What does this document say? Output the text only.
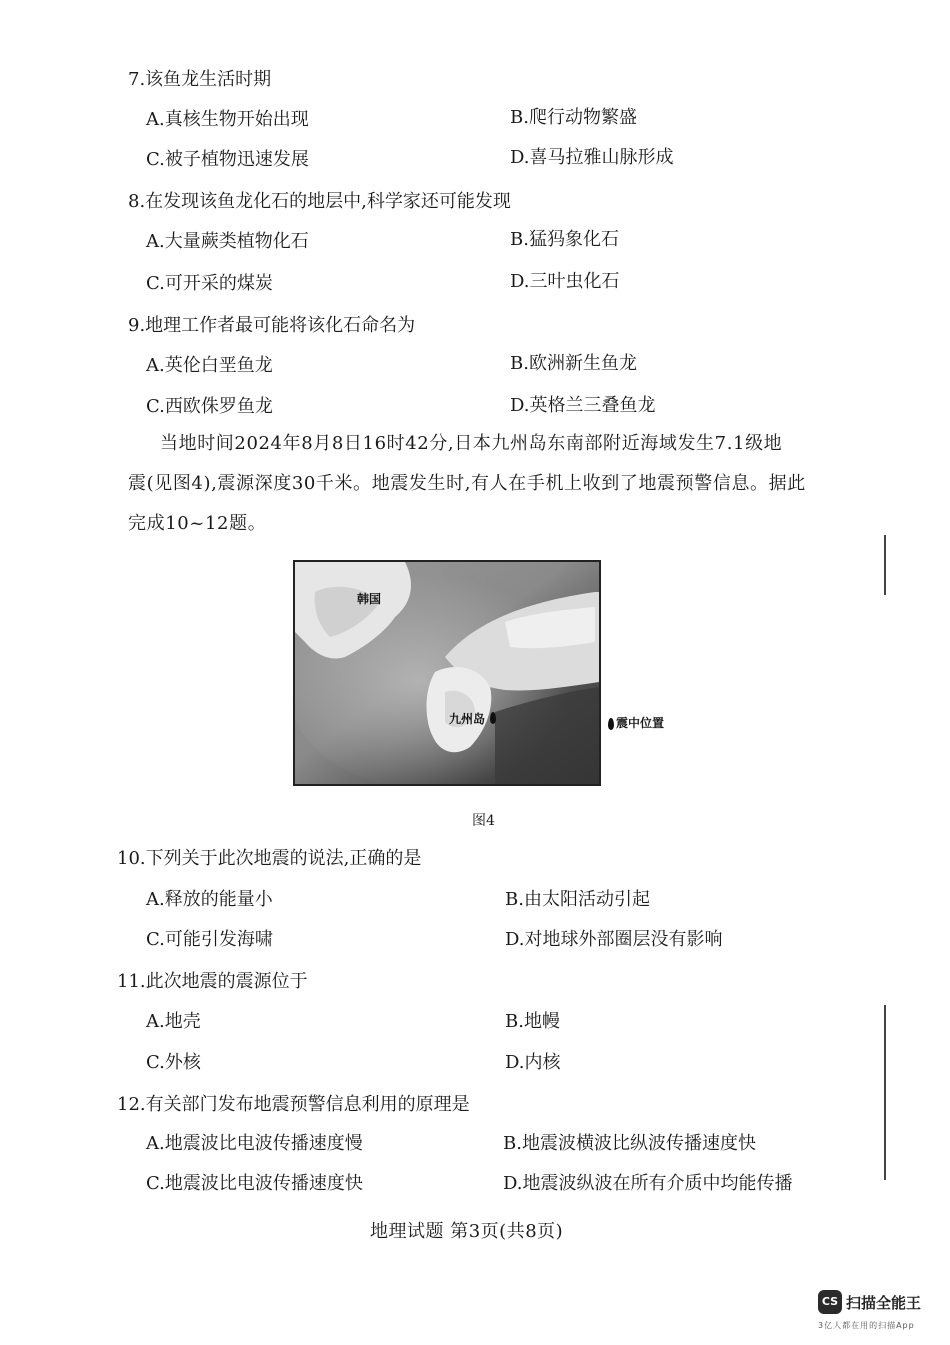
7.该鱼龙生活时期
A.真核生物开始出现	B.爬行动物繁盛
C.被子植物迅速发展	D.喜马拉雅山脉形成
8.在发现该鱼龙化石的地层中,科学家还可能发现
A.大量蕨类植物化石	B.猛犸象化石
C.可开采的煤炭	D.三叶虫化石
9.地理工作者最可能将该化石命名为
A.英伦白垩鱼龙	B.欧洲新生鱼龙
C.西欧侏罗鱼龙	D.英格兰三叠鱼龙
当地时间2024年8月8日16时42分,日本九州岛东南部附近海域发生7.1级地
震(见图4),震源深度30千米。地震发生时,有人在手机上收到了地震预警信息。据此
完成10~12题。
韩国
九州岛	震中位置
图4
10.下列关于此次地震的说法,正确的是
A.释放的能量小	B.由太阳活动引起
C.可能引发海啸	D.对地球外部圈层没有影响
11.此次地震的震源位于
A.地壳	B.地幔
C.外核	D.内核
12.有关部门发布地震预警信息利用的原理是
A.地震波比电波传播速度慢	B.地震波横波比纵波传播速度快
C.地震波比电波传播速度快	D.地震波纵波在所有介质中均能传播
地理试题 第3页(共8页)
CS 扫描全能王
3亿人都在用的扫描App
